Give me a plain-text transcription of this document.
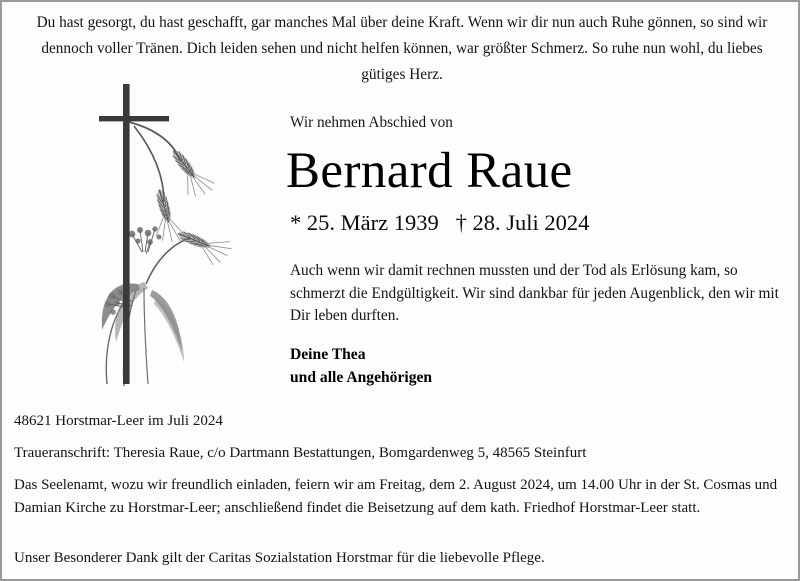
Du hast gesorgt, du hast geschafft, gar manches Mal über deine Kraft. Wenn wir dir nun auch Ruhe gönnen, so sind wir dennoch voller Tränen. Dich leiden sehen und nicht helfen können, war größter Schmerz. So ruhe nun wohl, du liebes gütiges Herz.
Wir nehmen Abschied von
Bernard Raue
* 25. März 1939   † 28. Juli 2024
Auch wenn wir damit rechnen mussten und der Tod als Erlösung kam, so schmerzt die Endgültigkeit. Wir sind dankbar für jeden Augenblick, den wir mit Dir leben durften.
Deine Thea
und alle Angehörigen
48621 Horstmar-Leer im Juli 2024
Traueranschrift: Theresia Raue, c/o Dartmann Bestattungen, Bomgardenweg 5, 48565 Steinfurt
Das Seelenamt, wozu wir freundlich einladen, feiern wir am Freitag, dem 2. August 2024, um 14.00 Uhr in der St. Cosmas und Damian Kirche zu Horstmar-Leer; anschließend findet die Beisetzung auf dem kath. Friedhof Horstmar-Leer statt.
Unser Besonderer Dank gilt der Caritas Sozialstation Horstmar für die liebevolle Pflege.
